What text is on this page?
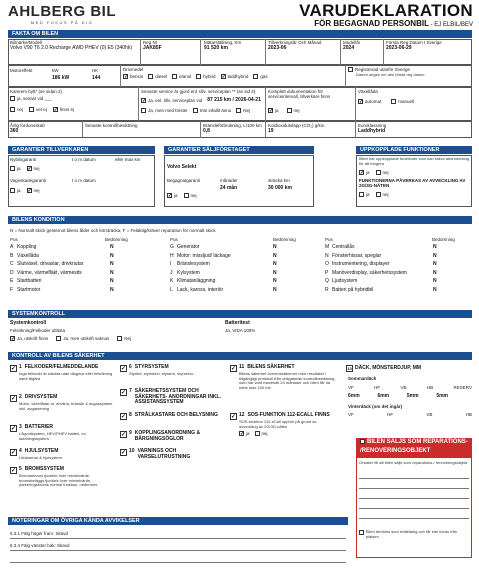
AHLBERG BIL
MED FOKUS PÅ DIG
VARUDEKLARATION
FÖR BEGAGNAD PERSONBIL - EJ ELBIL/BEV
FAKTA OM BILEN
Bilmärke/Modell
Volvo V90 T6 2.0 Recharge AWD PHEV (0) E5 (340hk)
Reg Nr
JAK85F
Mätarställning, Km
91 520 km
Tillverkningsår Och Månad
2023-06
Modellår
2024
Första Reg Datum I Sverige
2023-06-29
Motoreffekt	kW
186 kW
HK
144
Drivmedel
✓ bensin	diesel	etanol	hybrid ✓ laddhybrid	gas
Registrerad utanför Sverige
Datum anges om den första reg datum
Kamrem bytt* (se sidan 2)
ja, senast vid ___
nej	vet ej ✓ finns ej
Senaste service är gjord enl. tillv. serviceplan ** (se sid 2)
✓ Ja, enl. tillv. serviceplan vid 87 215 km / 2026-04-21
Ja, men med brister	Inte infallit ännu	Nej
Komplett dokumentation för serviceintervall, tillverkare finns
✓ ja	nej
Växellåda
✓ automat	manuell
Årlig fordonsskatt
360
Senaste kontrollbesiktning	Bränsleförbrukning, L/100 km
0,8
Koldioxidutsläpp (CO₂) g/km
19
Euroklassning
Laddhybrid
GARANTIER TILLVERKAREN	GARANTIER SÄLJFÖRETAGET	UPPKOPPLADE FUNKTIONER
Nybilsgaranti	t o m datum	eller max km
ja ✓ nej
Vagnskadegaranti	t o m datum
ja ✓ nej
Volvo Selekt
Begagnatgaranti	månader
24 mån
sträcka km
30 000 km
✓ ja	nej
Bilen har uppkopplade funktioner som kan kräva abonnemang för att fungera
✓ ja	nej
FUNKTIONERNA PÅVERKAS AV AVVECKLING AV 2G/3G-NÄTEN
ja	nej
BILENS KONDITION
N = Normalt skick gentemot bilens ålder och körsträcka, F = Felaktig/kräver reparation för normalt skick
Pos	Bedömning	Pos	Bedömning	Pos	Bedömning
A Koppling	N
B Växellåda	N
C Slutväxel, drivaxlar, drivknutar	N
D Värme, värmefläkt, värmesits	N
E Startbatteri	N
F Startmotor	N
G Generator	N
H Motor: missljud/ läckage	N
I Bränslesystem	N
J Kylsystem	N
K Klimatanläggning	N
L Lack, kaross, interiör	N
M Centrallås	N
N Fönsterhissar, speglar	N
O Instrumentering, displayer	N
P Manöverdisplay, säkerhetssystem	N
Q Ljudsystem	N
R Batteri på hybridbil	N
SYSTEMKONTROLL
Systemkontroll
Felsökning/Felkoder utlästa
✓ Ja, utskrift finns	Ja, men utskrift saknas	Nej
Batteritest
Ja, VIDA 100%
KONTROLL AV BILENS SÄKERHET
✓ 1 FELKODER/FELMEDDELANDE
Inga felkoder är släckta utan diagnos eller felsökning samt åtgärd
✓ 2 DRIVSYSTEM
Motor, växellåda/-or, drivlina, bränsle & avgassystem inkl. avgasrening
✓ 3 BATTERIER
Lågvoltsystem, HEV/PHEV batteri, ev. laddningssystem
✓ 4 HJULSYSTEM
Länkarmar & hjulsystem
✓ 5 BROMSSYSTEM
Bromsskivors tjocklek över minimivärde, bromsbeläggs tjocklek över minimivärde, parkeringsbroms normal funktion, nödbroms
✓ 6 STYRSYSTEM
Styrled, styrväxel, styrarm, styrservo
✓ 7 SÄKERHETSSYSTEM OCH SÄKERHETS- ANORDNINGAR INKL. ASSISTANSSYSTEM
✓ 8 STRÅLKASTARE OCH BELYSNING
✓ 9 KOPPLINGSANORDNING & BÄRGNINGSÖGLOR
✓ 10 VARNINGS OCH VARSELUTRUSTNING
✓ 11 BILENS SÄKERHET
Bilens säkerhet överensstämmer med resultatet i tillgängligt protokoll från obligatorisk kontrollbesiktning, som har varit maximalt 24 månader och bilen får ha körts max 100 mil
✓ 12 SOS-FUNKTION 112-ECALL FINNS
SOS-funktion 112-eCall upphör på grund av avveckling av 2G/3G-näten
✓ ja	nej
13 DÄCK, MÖNSTERDJUP, MM
Sommardäck
VF	HF	VB	HB	RESERV
6mm	6mm	5mm	5mm
Vinterdäck (om det ingår)
VF	HF	VB	HB
BILEN SÄLJS SOM REPARATIONS- /RENOVERINGSOBJEKT
Orsaker till att bilen säljs som reparations-/ renoveringsobjekt
Bilen bedöms som trafikfarlig och får inte köras från platsen
NOTERINGAR OM ÖVRIGA KÄNDA AVVIKELSER
6.3.1 Fälg höger fram: Skavd
6.3.4 Fälg vänster bak: Skavd
